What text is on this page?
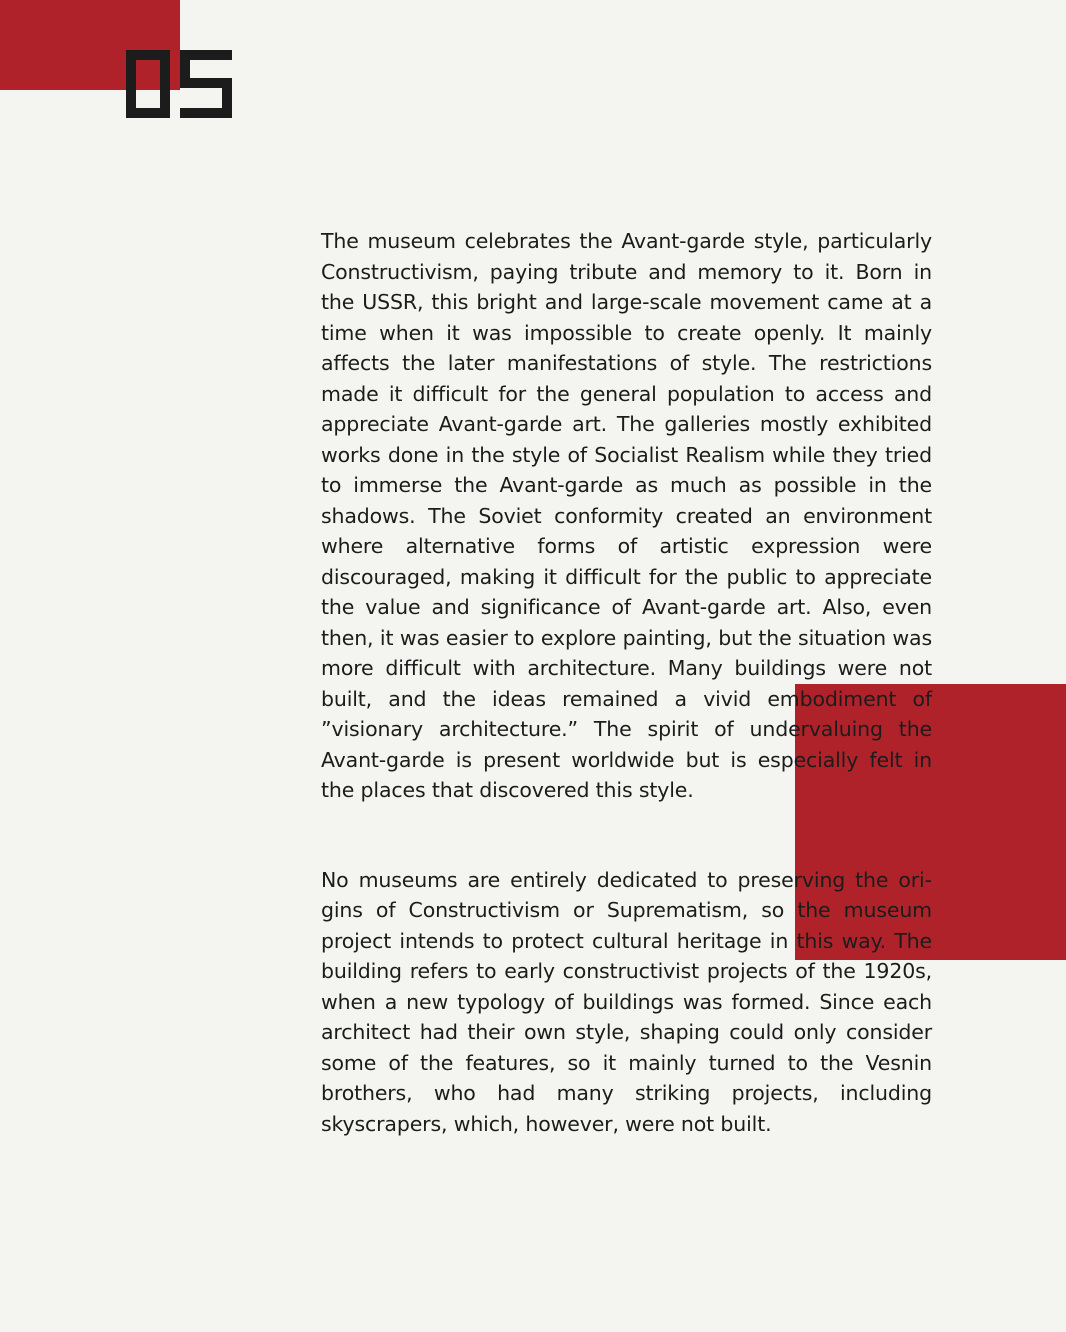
The museum celebrates the Avant-garde style, particularly Constructivism, paying tribute and memory to it. Born in the USSR, this bright and large-scale movement came at a time when it was impossible to create openly. It mainly affects the later manifestations of style. The restrictions made it difficult for the general population to access and appreciate Avant-garde art. The galleries mostly exhibited works done in the style of Socialist Realism while they tried to immerse the Avant-garde as much as possible in the shadows. The Soviet conformity created an environment where alternative forms of artistic expression were discouraged, making it difficult for the public to appreciate the value and significance of Avant-garde art. Also, even then, it was easier to explore painting, but the situation was more difficult with architecture. Many buildings were not built, and the ideas remained a vivid embodiment of ”visionary architecture.” The spirit of undervaluing the Avant-garde is present worldwide but is especially felt in the places that discovered this style.

No museums are entirely dedicated to preserving the origins of Constructivism or Suprematism, so the museum project intends to protect cultural heritage in this way. The building refers to early constructivist projects of the 1920s, when a new typology of buildings was formed. Since each architect had their own style, shaping could only consider some of the features, so it mainly turned to the Vesnin brothers, who had many striking projects, including skyscrapers, which, however, were not built.
